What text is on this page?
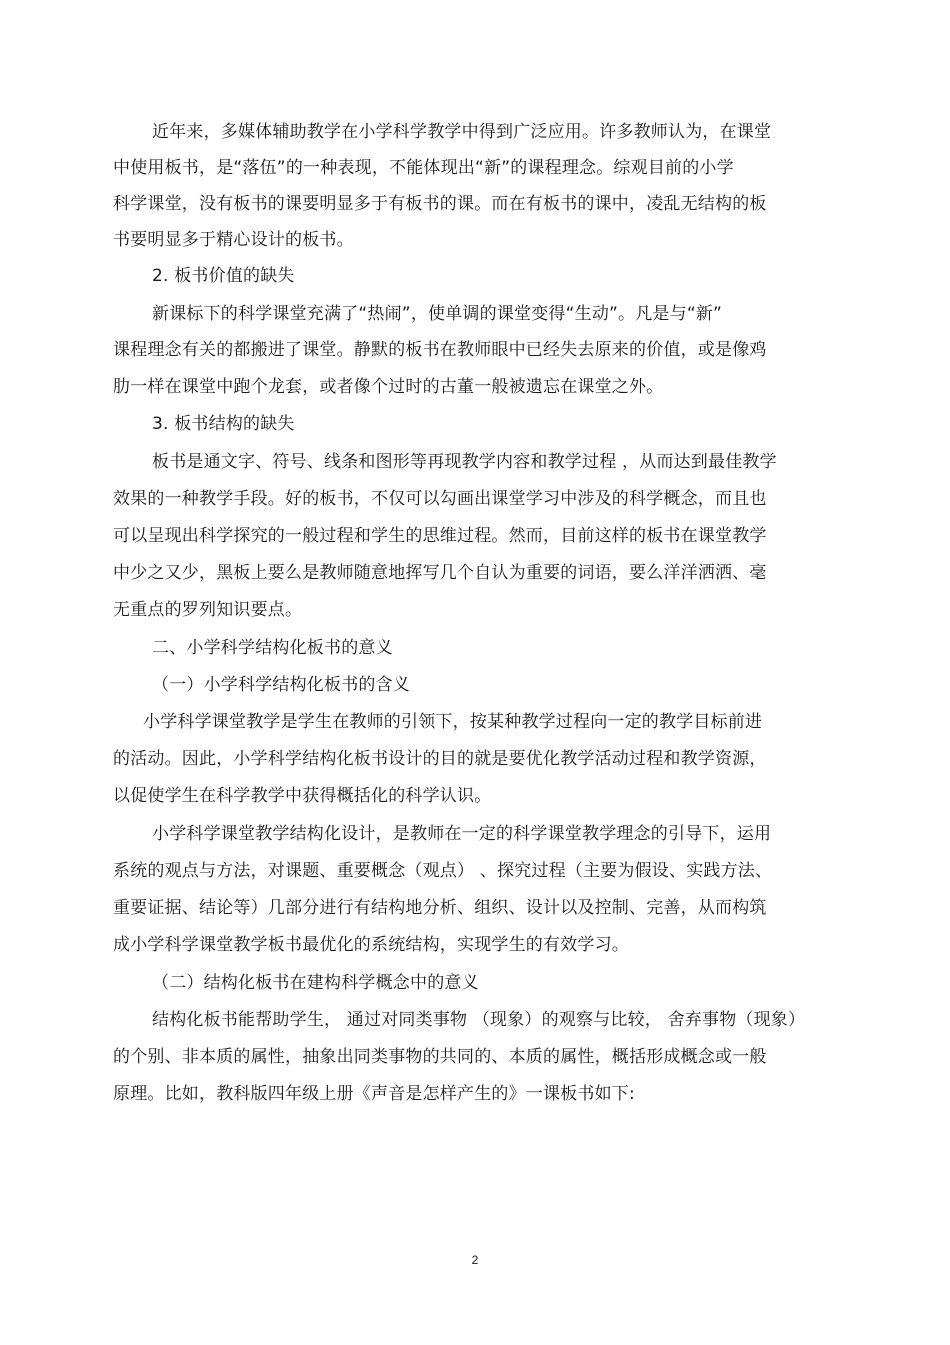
近年来，多媒体辅助教学在小学科学教学中得到广泛应用。许多教师认为，在课堂
中使用板书，是“落伍”的一种表现，不能体现出“新”的课程理念。综观目前的小学
科学课堂，没有板书的课要明显多于有板书的课。而在有板书的课中，凌乱无结构的板
书要明显多于精心设计的板书。
2. 板书价值的缺失
新课标下的科学课堂充满了“热闹”，使单调的课堂变得“生动”。凡是与“新”
课程理念有关的都搬进了课堂。静默的板书在教师眼中已经失去原来的价值，或是像鸡
肋一样在课堂中跑个龙套，或者像个过时的古董一般被遗忘在课堂之外。
3. 板书结构的缺失
板书是通文字、符号、线条和图形等再现教学内容和教学过程 ，从而达到最佳教学
效果的一种教学手段。好的板书，不仅可以勾画出课堂学习中涉及的科学概念，而且也
可以呈现出科学探究的一般过程和学生的思维过程。然而，目前这样的板书在课堂教学
中少之又少，黑板上要么是教师随意地挥写几个自认为重要的词语，要么洋洋洒洒、毫
无重点的罗列知识要点。
二、小学科学结构化板书的意义
（一）小学科学结构化板书的含义
小学科学课堂教学是学生在教师的引领下，按某种教学过程向一定的教学目标前进
的活动。因此，小学科学结构化板书设计的目的就是要优化教学活动过程和教学资源，
以促使学生在科学教学中获得概括化的科学认识。
小学科学课堂教学结构化设计，是教师在一定的科学课堂教学理念的引导下，运用
系统的观点与方法，对课题、重要概念（观点） 、探究过程（主要为假设、实践方法、
重要证据、结论等）几部分进行有结构地分析、组织、设计以及控制、完善，从而构筑
成小学科学课堂教学板书最优化的系统结构，实现学生的有效学习。
（二）结构化板书在建构科学概念中的意义
结构化板书能帮助学生， 通过对同类事物 （现象）的观察与比较， 舍弃事物（现象）
的个别、非本质的属性，抽象出同类事物的共同的、本质的属性，概括形成概念或一般
原理。比如，教科版四年级上册《声音是怎样产生的》一课板书如下:
2
